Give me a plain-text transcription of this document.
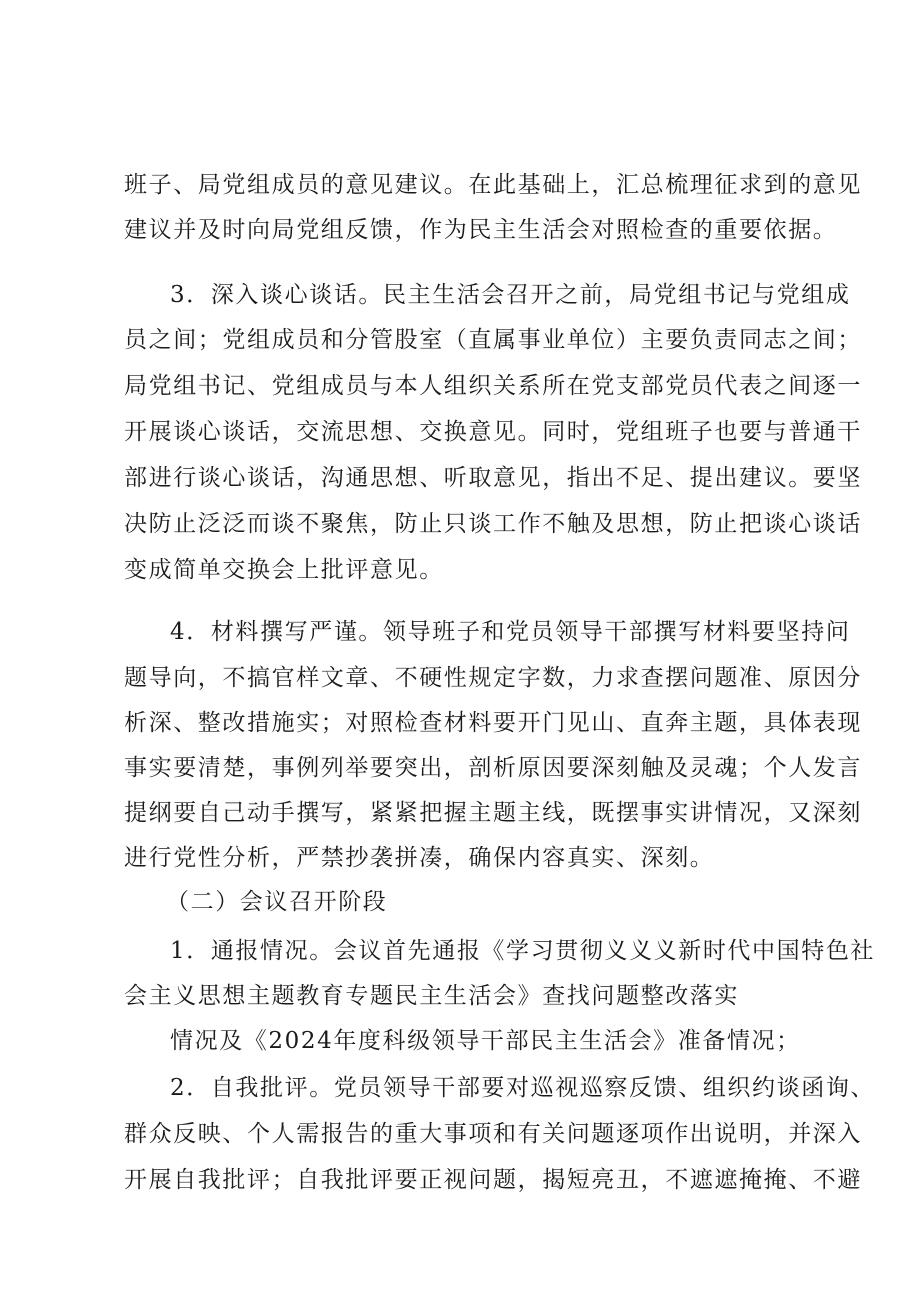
班子、局党组成员的意见建议。在此基础上，汇总梳理征求到的意见
建议并及时向局党组反馈，作为民主生活会对照检查的重要依据。
3．深入谈心谈话。民主生活会召开之前，局党组书记与党组成
员之间；党组成员和分管股室（直属事业单位）主要负责同志之间；
局党组书记、党组成员与本人组织关系所在党支部党员代表之间逐一
开展谈心谈话，交流思想、交换意见。同时，党组班子也要与普通干
部进行谈心谈话，沟通思想、听取意见，指出不足、提出建议。要坚
决防止泛泛而谈不聚焦，防止只谈工作不触及思想，防止把谈心谈话
变成简单交换会上批评意见。
4．材料撰写严谨。领导班子和党员领导干部撰写材料要坚持问
题导向，不搞官样文章、不硬性规定字数，力求查摆问题准、原因分
析深、整改措施实；对照检查材料要开门见山、直奔主题，具体表现
事实要清楚，事例列举要突出，剖析原因要深刻触及灵魂；个人发言
提纲要自己动手撰写，紧紧把握主题主线，既摆事实讲情况，又深刻
进行党性分析，严禁抄袭拼凑，确保内容真实、深刻。
（二）会议召开阶段
1．通报情况。会议首先通报《学习贯彻义义义新时代中国特色社
会主义思想主题教育专题民主生活会》查找问题整改落实
情况及《2024年度科级领导干部民主生活会》准备情况；
2．自我批评。党员领导干部要对巡视巡察反馈、组织约谈函询、
群众反映、个人需报告的重大事项和有关问题逐项作出说明，并深入
开展自我批评；自我批评要正视问题，揭短亮丑，不遮遮掩掩、不避
